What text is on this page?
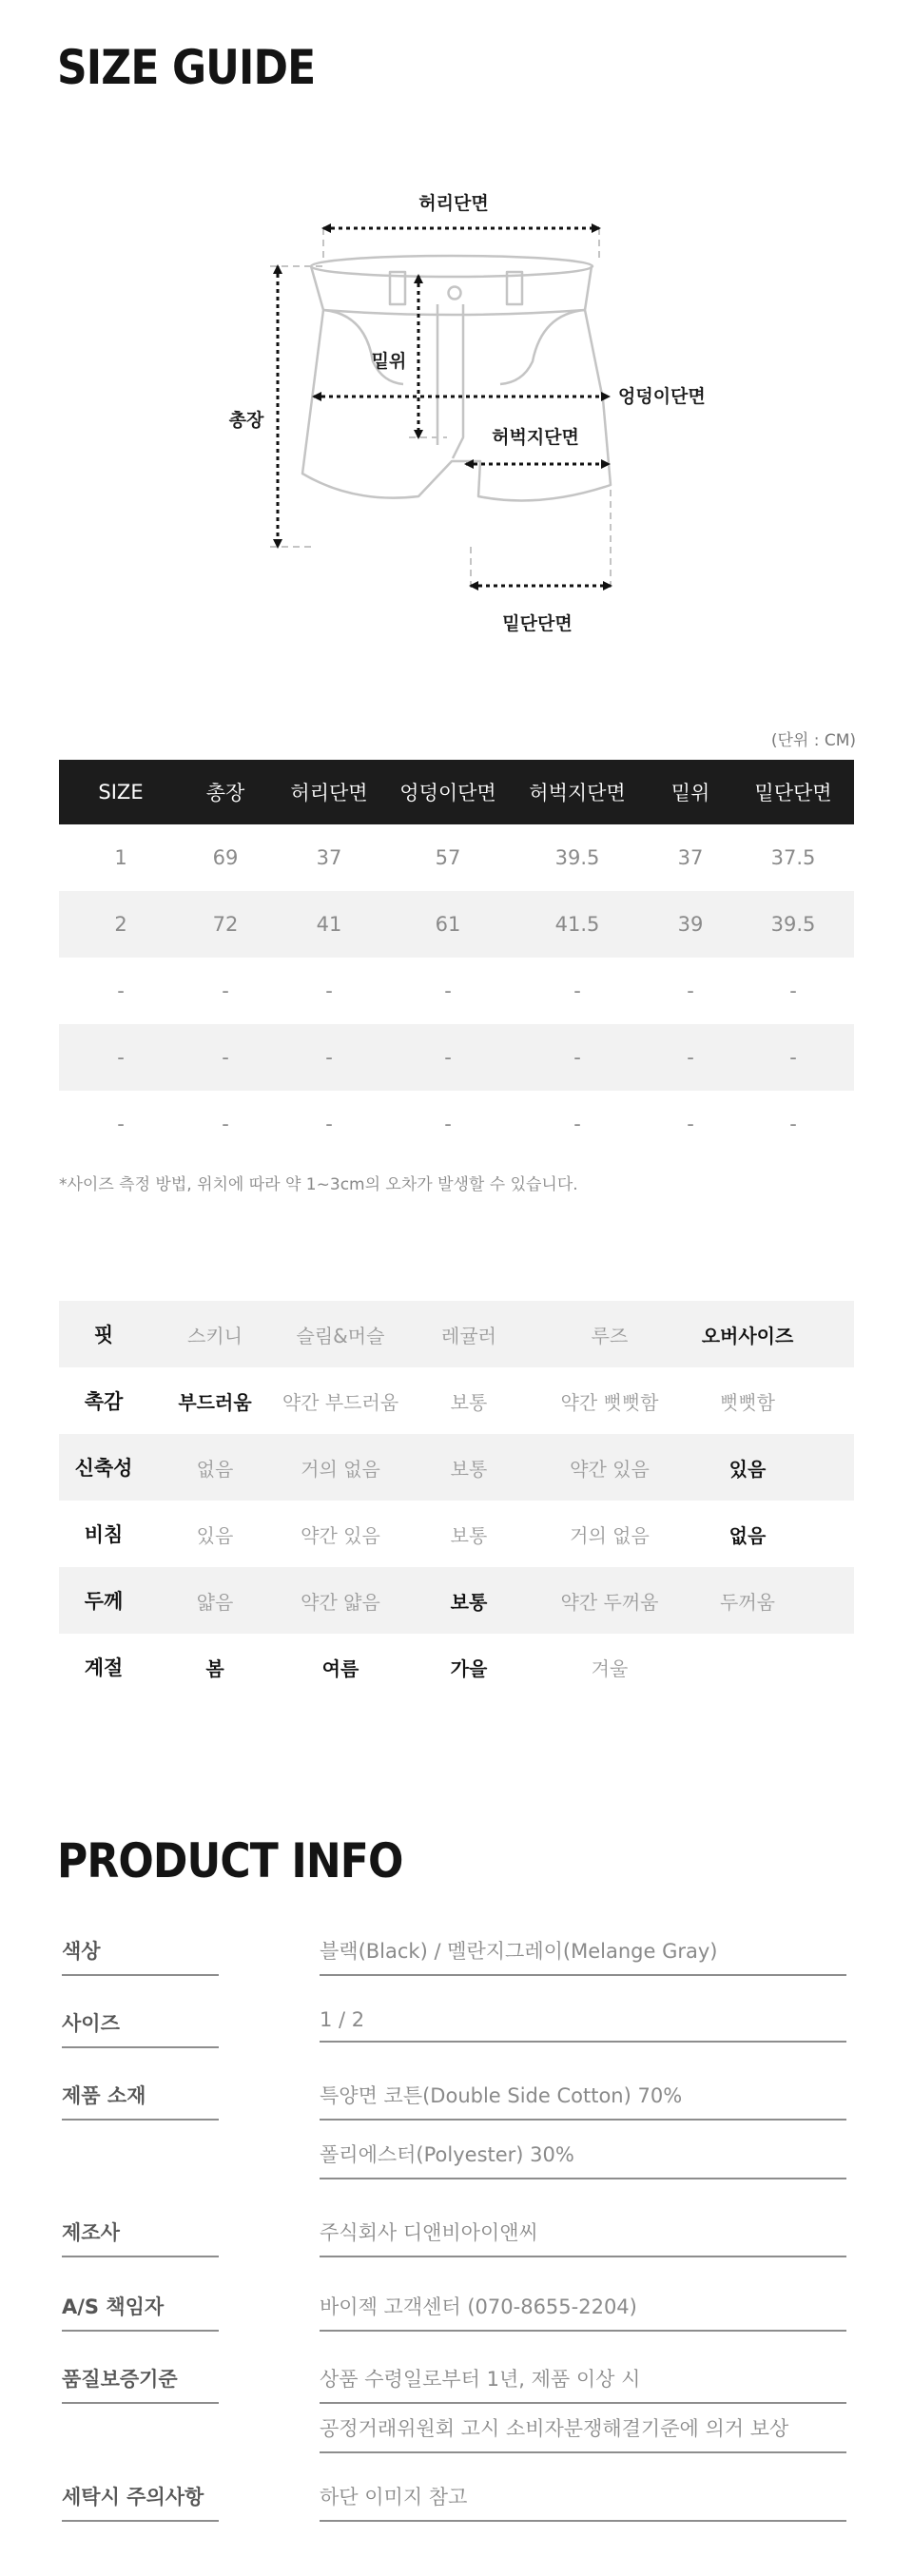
SIZE GUIDE
허리단면
밑위
엉덩이단면
총장
허벅지단면
밑단단면
(단위 : CM)
SIZE	총장	허리단면	엉덩이단면	허벅지단면	밑위	밑단단면
1	69	37	57	39.5	37	37.5
2	72	41	61	41.5	39	39.5
-	-	-	-	-	-	-
-	-	-	-	-	-	-
-	-	-	-	-	-	-
*사이즈 측정 방법, 위치에 따라 약 1~3cm의 오차가 발생할 수 있습니다.
핏	스키니	슬림&머슬	레귤러	루즈	오버사이즈	
촉감	부드러움	약간 부드러움	보통	약간 뻣뻣함	뻣뻣함	
신축성	없음	거의 없음	보통	약간 있음	있음	
비침	있음	약간 있음	보통	거의 없음	없음	
두께	얇음	약간 얇음	보통	약간 두꺼움	두꺼움	
계절	봄	여름	가을	겨울		
PRODUCT INFO
색상	블랙(Black) / 멜란지그레이(Melange Gray)
사이즈	1 / 2
제품 소재	특양면 코튼(Double Side Cotton) 70%
폴리에스터(Polyester) 30%
제조사	주식회사 디앤비아이앤씨
A/S 책임자	바이젝 고객센터 (070-8655-2204)
품질보증기준	상품 수령일로부터 1년, 제품 이상 시
공정거래위원회 고시 소비자분쟁해결기준에 의거 보상
세탁시 주의사항	하단 이미지 참고
